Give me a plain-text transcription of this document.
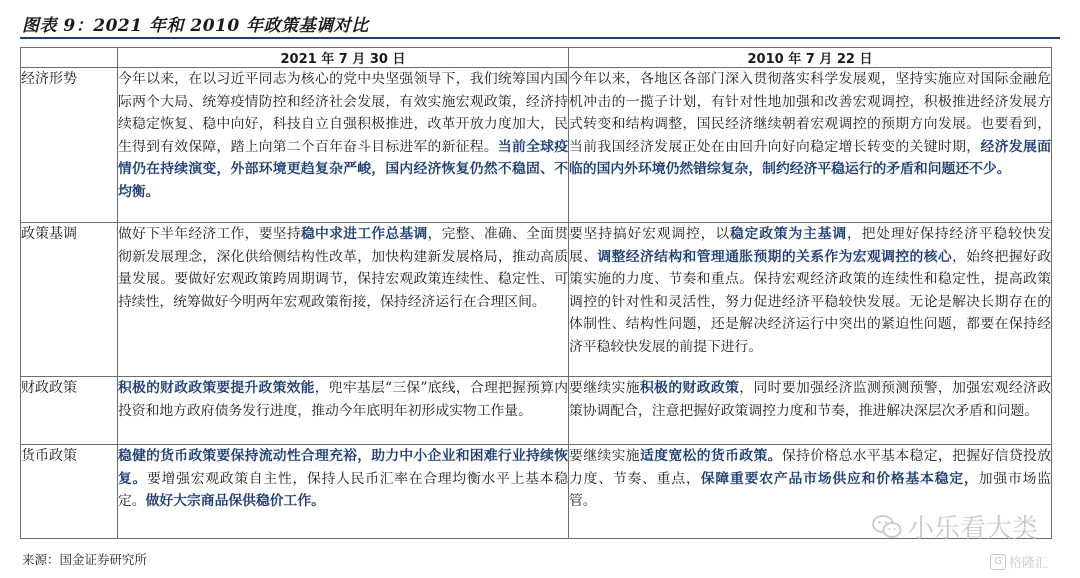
图表 9：2021 年和 2010 年政策基调对比
	2021 年 7 月 30 日	2010 年 7 月 22 日
经济形势	今年以来，在以习近平同志为核心的党中央坚强领导下，我们统筹国内国际两个大局、统筹疫情防控和经济社会发展，有效实施宏观政策，经济持续稳定恢复、稳中向好，科技自立自强积极推进，改革开放力度加大，民生得到有效保障，踏上向第二个百年奋斗目标进军的新征程。当前全球疫情仍在持续演变，外部环境更趋复杂严峻，国内经济恢复仍然不稳固、不均衡。	今年以来，各地区各部门深入贯彻落实科学发展观，坚持实施应对国际金融危机冲击的一揽子计划，有针对性地加强和改善宏观调控，积极推进经济发展方式转变和结构调整，国民经济继续朝着宏观调控的预期方向发展。也要看到，当前我国经济发展正处在由回升向好向稳定增长转变的关键时期，经济发展面临的国内外环境仍然错综复杂，制约经济平稳运行的矛盾和问题还不少。
政策基调	做好下半年经济工作，要坚持稳中求进工作总基调，完整、准确、全面贯彻新发展理念，深化供给侧结构性改革，加快构建新发展格局，推动高质量发展。要做好宏观政策跨周期调节，保持宏观政策连续性、稳定性、可持续性，统筹做好今明两年宏观政策衔接，保持经济运行在合理区间。	要坚持搞好宏观调控，以稳定政策为主基调，把处理好保持经济平稳较快发展、调整经济结构和管理通胀预期的关系作为宏观调控的核心，始终把握好政策实施的力度、节奏和重点。保持宏观经济政策的连续性和稳定性，提高政策调控的针对性和灵活性，努力促进经济平稳较快发展。无论是解决长期存在的体制性、结构性问题，还是解决经济运行中突出的紧迫性问题，都要在保持经济平稳较快发展的前提下进行。
财政政策	积极的财政政策要提升政策效能，兜牢基层“三保”底线，合理把握预算内投资和地方政府债务发行进度，推动今年底明年初形成实物工作量。	要继续实施积极的财政政策，同时要加强经济监测预测预警，加强宏观经济政策协调配合，注意把握好政策调控力度和节奏，推进解决深层次矛盾和问题。
货币政策	稳健的货币政策要保持流动性合理充裕，助力中小企业和困难行业持续恢复。要增强宏观政策自主性，保持人民币汇率在合理均衡水平上基本稳定。做好大宗商品保供稳价工作。	要继续实施适度宽松的货币政策。保持价格总水平基本稳定，把握好信贷投放力度、节奏、重点，保障重要农产品市场供应和价格基本稳定，加强市场监管。
来源：国金证券研究所
小乐看大类
G 格隆汇
